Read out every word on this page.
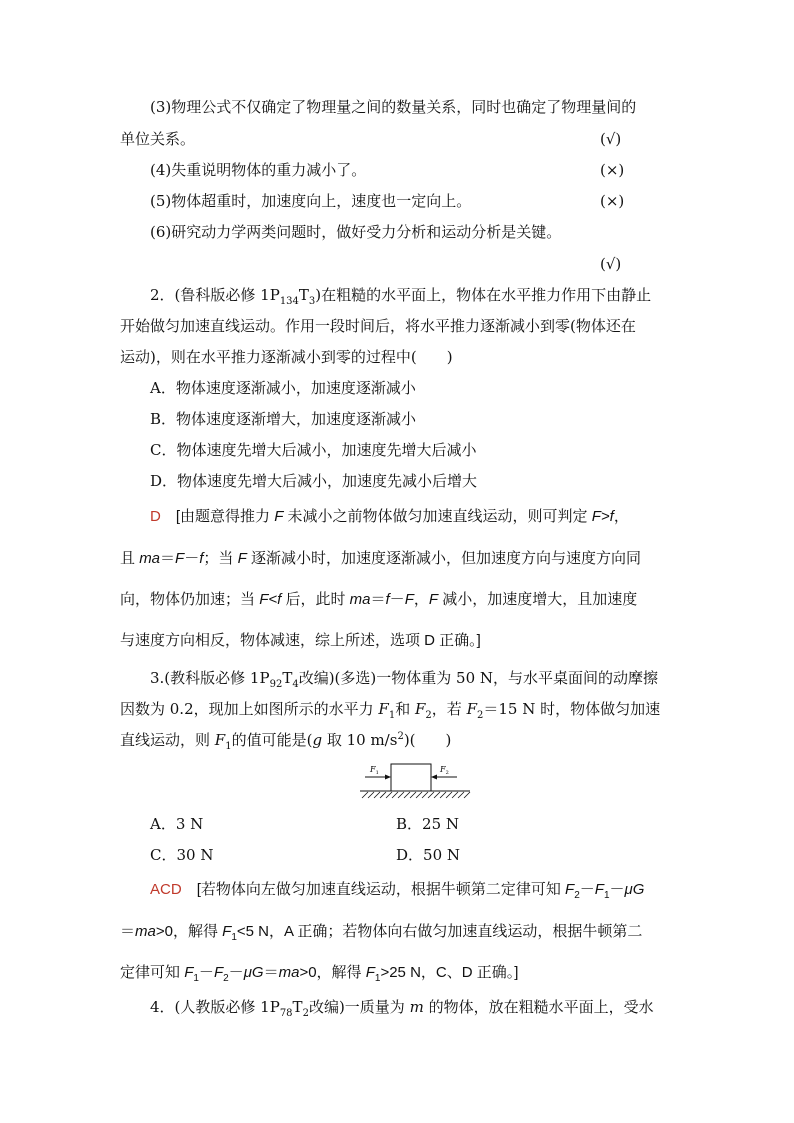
(3)物理公式不仅确定了物理量之间的数量关系，同时也确定了物理量间的
单位关系。	(√)
(4)失重说明物体的重力减小了。	(×)
(5)物体超重时，加速度向上，速度也一定向上。	(×)
(6)研究动力学两类问题时，做好受力分析和运动分析是关键。
(√)
2．(鲁科版必修 $1P_{134}T_3$)在粗糙的水平面上，物体在水平推力作用下由静止
开始做匀加速直线运动。作用一段时间后，将水平推力逐渐减小到零(物体还在
运动)，则在水平推力逐渐减小到零的过程中(　　)
A．物体速度逐渐减小，加速度逐渐减小
B．物体速度逐渐增大，加速度逐渐减小
C．物体速度先增大后减小，加速度先增大后减小
D．物体速度先增大后减小，加速度先减小后增大
D　 [由题意得推力 F 未减小之前物体做匀加速直线运动，则可判定 F>f，
且 ma＝F－f；当 F 逐渐减小时，加速度逐渐减小，但加速度方向与速度方向同
向，物体仍加速；当 F<f 后，此时 ma＝f－F，F 减小，加速度增大，且加速度
与速度方向相反，物体减速，综上所述，选项 D 正确。]
3.(教科版必修 $1P_{92}T_4$改编)(多选)一物体重为 50 N，与水平桌面间的动摩擦
因数为 0.2，现加上如图所示的水平力 $F_1$和 $F_2$，若 $F_2=15$ N 时，物体做匀加速
直线运动，则 $F_1$的值可能是(g 取 10 $m/s^2$)(　　)
$F_1$	$F_2$
A．3 N	B．25 N
C．30 N	D．50 N
ACD　 [若物体向左做匀加速直线运动，根据牛顿第二定律可知 $F_2-F_1-\mu G$
＝ma>0，解得 $F_1<5$ N，A 正确；若物体向右做匀加速直线运动，根据牛顿第二
定律可知 $F_1-F_2-\mu G=ma>0$，解得 $F_1>25$ N，C、D 正确。]
4．(人教版必修 $1P_{78}T_2$改编)一质量为 m 的物体，放在粗糙水平面上，受水
